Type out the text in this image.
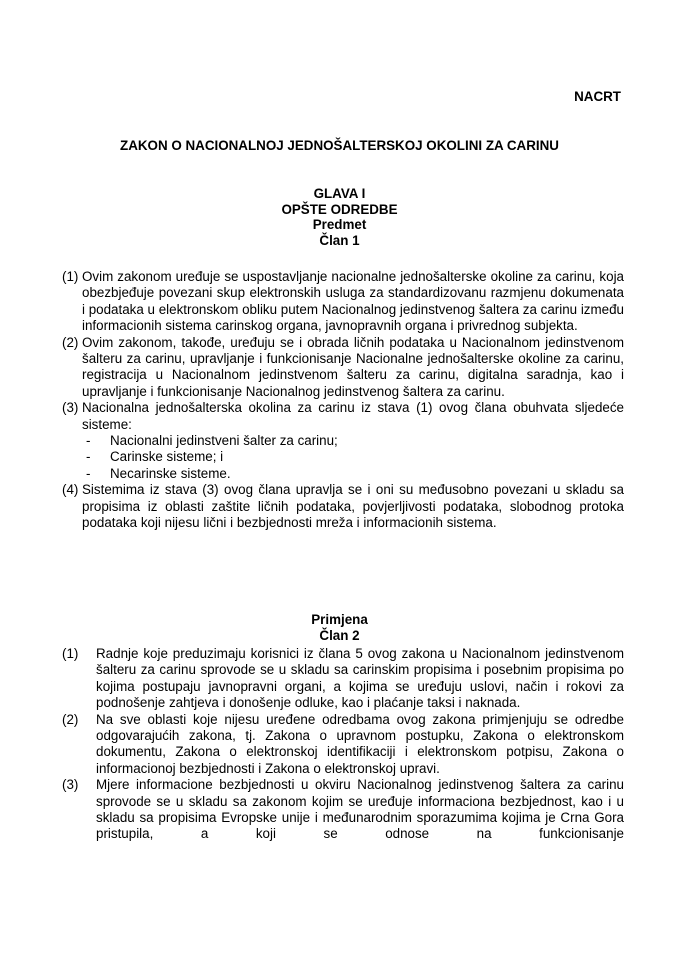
NACRT
ZAKON O NACIONALNOJ JEDNOŠALTERSKOJ OKOLINI ZA CARINU
GLAVA I
OPŠTE ODREDBE
Predmet
Član 1
(1) Ovim zakonom uređuje se uspostavljanje nacionalne jednošalterske okoline za carinu, koja obezbjeđuje povezani skup elektronskih usluga za standardizovanu razmjenu dokumenata i podataka u elektronskom obliku putem Nacionalnog jedinstvenog šaltera za carinu između informacionih sistema carinskog organa, javnopravnih organa i privrednog subjekta.
(2) Ovim zakonom, takođe, uređuju se i obrada ličnih podataka u Nacionalnom jedinstvenom šalteru za carinu, upravljanje i funkcionisanje Nacionalne jednošalterske okoline za carinu, registracija u Nacionalnom jedinstvenom šalteru za carinu, digitalna saradnja, kao i upravljanje i funkcionisanje Nacionalnog jedinstvenog šaltera za carinu.
(3) Nacionalna jednošalterska okolina za carinu iz stava (1) ovog člana obuhvata sljedeće sisteme:
-	Nacionalni jedinstveni šalter za carinu;
-	Carinske sisteme; i
-	Necarinske sisteme.
(4) Sistemima iz stava (3) ovog člana upravlja se i oni su međusobno povezani u skladu sa propisima iz oblasti zaštite ličnih podataka, povjerljivosti podataka, slobodnog protoka podataka koji nijesu lični i bezbjednosti mreža i informacionih sistema.
Primjena
Član 2
(1)	Radnje koje preduzimaju korisnici iz člana 5 ovog zakona u Nacionalnom jedinstvenom šalteru za carinu sprovode se u skladu sa carinskim propisima i posebnim propisima po kojima postupaju javnopravni organi, a kojima se uređuju uslovi, način i rokovi za podnošenje zahtjeva i donošenje odluke, kao i plaćanje taksi i naknada.
(2)	Na sve oblasti koje nijesu uređene odredbama ovog zakona primjenjuju se odredbe odgovarajućih zakona, tj. Zakona o upravnom postupku, Zakona o elektronskom dokumentu, Zakona o elektronskoj identifikaciji i elektronskom potpisu, Zakona o informacionoj bezbjednosti i Zakona o elektronskoj upravi.
(3)	Mjere informacione bezbjednosti u okviru Nacionalnog jedinstvenog šaltera za carinu sprovode se u skladu sa zakonom kojim se uređuje informaciona bezbjednost, kao i u skladu sa propisima Evropske unije i međunarodnim sporazumima kojima je Crna Gora pristupila, a koji se odnose na funkcionisanje
